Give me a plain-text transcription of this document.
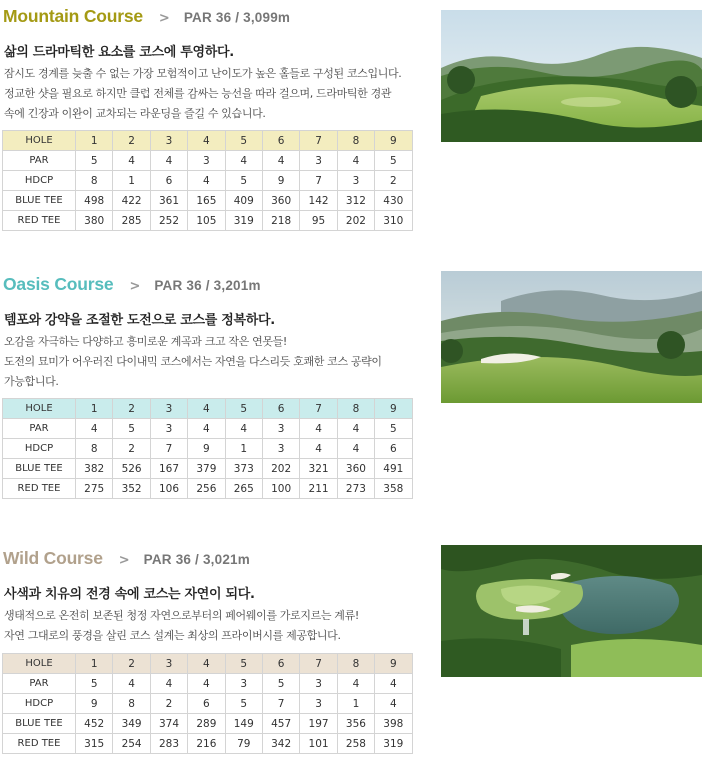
Mountain Course > PAR 36 / 3,099m
삶의 드라마틱한 요소를 코스에 투영하다.
잠시도 경계를 늦출 수 없는 가장 모험적이고 난이도가 높은 홀들로 구성된 코스입니다.
정교한 샷을 필요로 하지만 클럽 전체를 감싸는 능선을 따라 걸으며, 드라마틱한 경관
속에 긴장과 이완이 교차되는 라운딩을 즐길 수 있습니다.
HOLE	1	2	3	4	5	6	7	8	9
PAR	5	4	4	3	4	4	3	4	5
HDCP	8	1	6	4	5	9	7	3	2
BLUE TEE	498	422	361	165	409	360	142	312	430
RED TEE	380	285	252	105	319	218	95	202	310
Oasis Course > PAR 36 / 3,201m
템포와 강약을 조절한 도전으로 코스를 정복하다.
오감을 자극하는 다양하고 흥미로운 계곡과 크고 작은 연못들!
도전의 묘미가 어우러진 다이내믹 코스에서는 자연을 다스리듯 호쾌한 코스 공략이
가능합니다.
HOLE	1	2	3	4	5	6	7	8	9
PAR	4	5	3	4	4	3	4	4	5
HDCP	8	2	7	9	1	3	4	4	6
BLUE TEE	382	526	167	379	373	202	321	360	491
RED TEE	275	352	106	256	265	100	211	273	358
Wild Course > PAR 36 / 3,021m
사색과 치유의 전경 속에 코스는 자연이 되다.
생태적으로 온전히 보존된 청정 자연으로부터의 페어웨이를 가로지르는 계류!
자연 그대로의 풍경을 살린 코스 설계는 최상의 프라이버시를 제공합니다.
HOLE	1	2	3	4	5	6	7	8	9
PAR	5	4	4	4	3	5	3	4	4
HDCP	9	8	2	6	5	7	3	1	4
BLUE TEE	452	349	374	289	149	457	197	356	398
RED TEE	315	254	283	216	79	342	101	258	319
